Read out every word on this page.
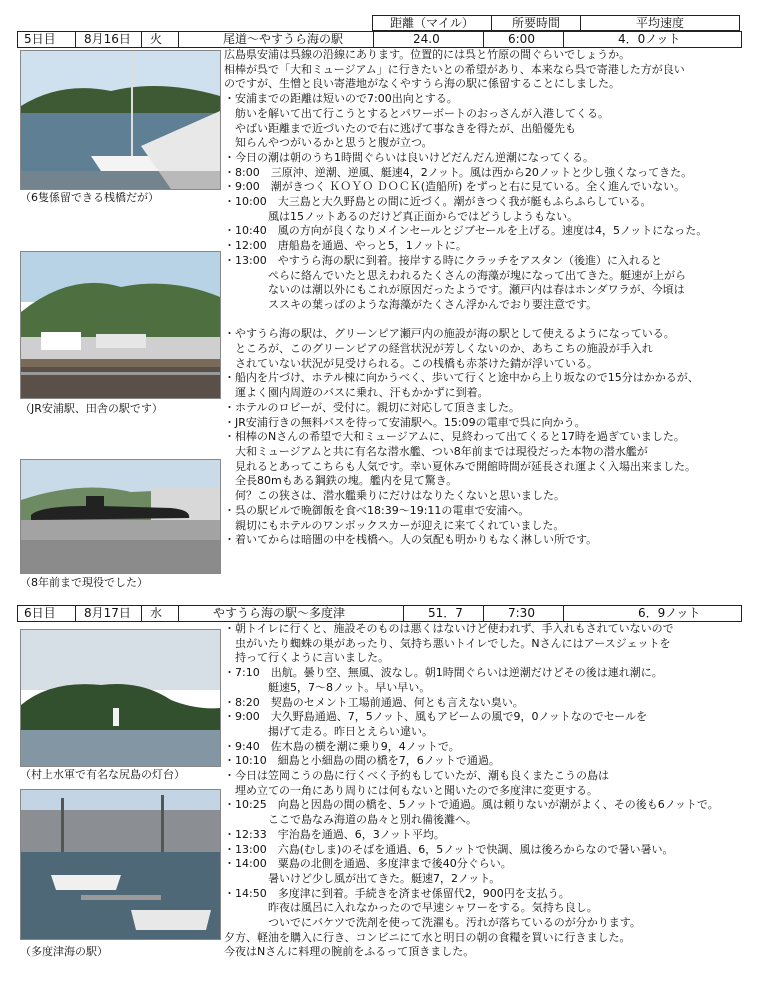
距離（マイル）	所要時間	平均速度
5日目 8月16日 火	尾道～やすうら海の駅	24.0	6:00	4．0ノット
（6隻係留できる桟橋だが）
（JR安浦駅、田舎の駅です）
（8年前まで現役でした）
広島県安浦は呉線の沿線にあります。位置的には呉と竹原の間ぐらいでしょうか。
相棒が呉で「大和ミュージアム」に行きたいとの希望があり、本来なら呉で寄港した方が良い
のですが、生憎と良い寄港地がなくやすうら海の駅に係留することにしました。
・安浦までの距離は短いので7:00出向とする。
　舫いを解いて出て行こうとするとパワーボートのおっさんが入港してくる。
　やばい距離まで近づいたので右に逃げて事なきを得たが、出船優先も
　知らんやつがいるかと思うと腹が立つ。
・今日の潮は朝のうち1時間ぐらいは良いけどだんだん逆潮になってくる。
・8:00　三原沖、逆潮、逆風、艇速4，2ノット。風は西から20ノットと少し強くなってきた。
・9:00　潮がきつく ＫＯＹＯ ＤＯＣＫ(造船所) をずっと右に見ている。全く進んでいない。
・10:00　大三島と大久野島との間に近づく。潮がきつく我が艇もふらふらしている。
　　　　風は15ノットあるのだけど真正面からではどうしようもない。
・10:40　風の方向が良くなりメインセールとジブセールを上げる。速度は4，5ノットになった。
・12:00　唐船島を通過、やっと5，1ノットに。
・13:00　やすうら海の駅に到着。接岸する時にクラッチをアスタン（後進）に入れると
　　　　ぺらに絡んでいたと思えわれるたくさんの海藻が塊になって出てきた。艇速が上がら
　　　　ないのは潮以外にもこれが原因だったようです。瀬戸内は春はホンダワラが、今頃は
　　　　ススキの葉っぱのような海藻がたくさん浮かんでおり要注意です。
・やすうら海の駅は、グリーンピア瀬戸内の施設が海の駅として使えるようになっている。
　ところが、このグリーンピアの経営状況が芳しくないのか、あちこちの施設が手入れ
　されていない状況が見受けられる。この桟橋も赤茶けた錆が浮いている。
・船内を片づけ、ホテル棟に向かうべく、歩いて行くと途中から上り坂なので15分はかかるが、
　運よく園内周遊のバスに乗れ、汗もかかずに到着。
・ホテルのロビーが、受付に。親切に対応して頂きました。
・JR安浦行きの無料バスを待って安浦駅へ。15:09の電車で呉に向かう。
・相棒のNさんの希望で大和ミュージアムに、見終わって出てくると17時を過ぎていました。
　大和ミュージアムと共に有名な潜水艦、つい8年前までは現役だった本物の潜水艦が
　見れるとあってこちらも人気です。幸い夏休みで開館時間が延長され運よく入場出来ました。
　全長80mもある鋼鉄の塊。艦内を見て驚き。
　何？この狭さは、潜水艦乗りにだけはなりたくないと思いました。
・呉の駅ビルで晩御飯を食べ18:39～19:11の電車で安浦へ。
　親切にもホテルのワンボックスカーが迎えに来てくれていました。
・着いてからは暗闇の中を桟橋へ。人の気配も明かりもなく淋しい所です。
6日目 8月17日 水	やすうら海の駅～多度津	51．7	7:30	6．9ノット
（村上水軍で有名な尻島の灯台）
（多度津海の駅）
・朝トイレに行くと、施設そのものは悪くはないけど使われず、手入れもされていないので
　虫がいたり蜘蛛の巣があったり、気持ち悪いトイレでした。Nさんにはアースジェットを
　持って行くように言いました。
・7:10　出航。曇り空、無風、波なし。朝1時間ぐらいは逆潮だけどその後は連れ潮に。
　　　　艇速5，7～8ノット。早い早い。
・8:20　契島のセメント工場前通過、何とも言えない臭い。
・9:00　大久野島通過、7，5ノット、風もアビームの風で9，0ノットなのでセールを
　　　　揚げて走る。昨日とえらい違い。
・9:40　佐木島の横を潮に乗り9，4ノットで。
・10:10　細島と小細島の間の橋を7，6ノットで通過。
・今日は笠岡こうの島に行くべく予約もしていたが、潮も良くまたこうの島は
　埋め立ての一角にあり周りには何もないと聞いたので多度津に変更する。
・10:25　向島と因島の間の橋を、5ノットで通過。風は頼りないが潮がよく、その後も6ノットで。
　　　　ここで島なみ海道の島々と別れ備後灘へ。
・12:33　宇治島を通過、6，3ノット平均。
・13:00　六島(むしま)のそばを通過、6，5ノットで快調、風は後ろからなので暑い暑い。
・14:00　粟島の北側を通過、多度津まで後40分ぐらい。
　　　　暑いけど少し風が出てきた。艇速7，2ノット。
・14:50　多度津に到着。手続きを済ませ係留代2，900円を支払う。
　　　　昨夜は風呂に入れなかったので早速シャワーをする。気持ち良し。
　　　　ついでにバケツで洗剤を使って洗濯も。汚れが落ちているのが分かります。
夕方、軽油を購入に行き、コンビニにて水と明日の朝の食糧を買いに行きました。
今夜はNさんに料理の腕前をふるって頂きました。
